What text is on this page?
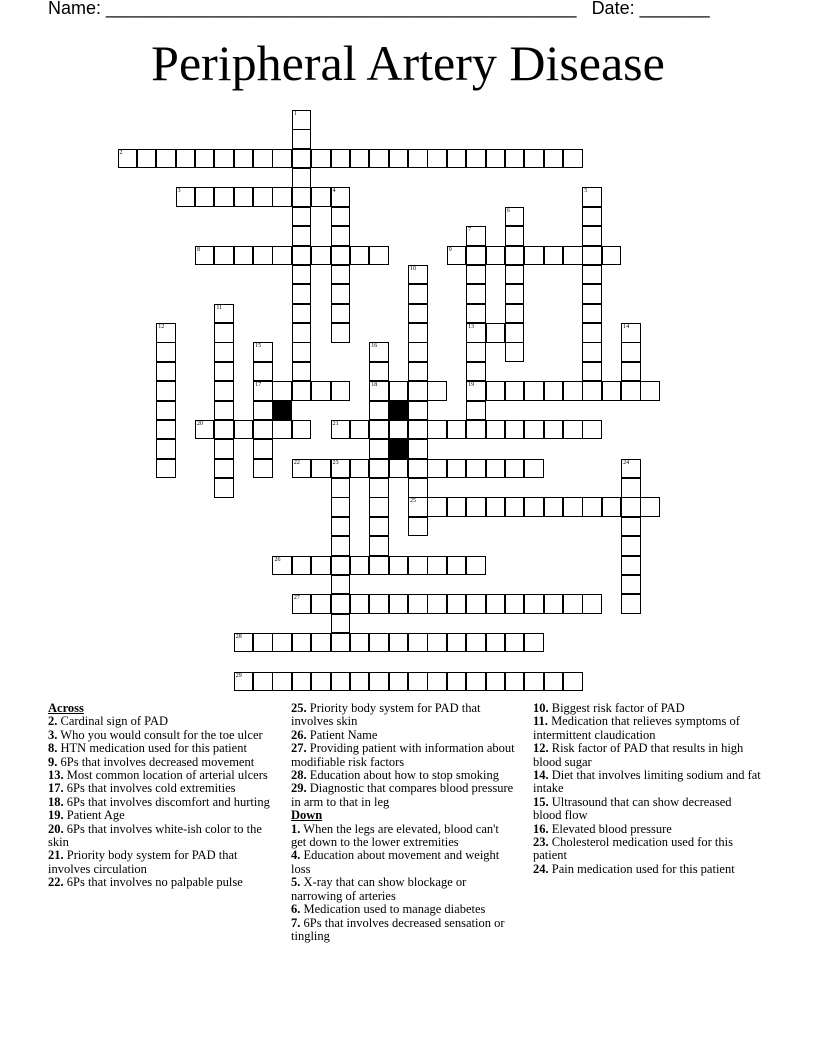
Name: _______________________________________________ Date: _______
Peripheral Artery Disease
1
2
3	4	5
6
7
13
19
8	9
10
25
11
12	14
15
17
16
18
20	21
22	23	24
26
27
28
29
Across
2. Cardinal sign of PAD
3. Who you would consult for the toe ulcer
8. HTN medication used for this patient
9. 6Ps that involves decreased movement
13. Most common location of arterial ulcers
17. 6Ps that involves cold extremities
18. 6Ps that involves discomfort and hurting
19. Patient Age
20. 6Ps that involves white-ish color to the skin
21. Priority body system for PAD that involves circulation
22. 6Ps that involves no palpable pulse
25. Priority body system for PAD that involves skin
26. Patient Name
27. Providing patient with information about modifiable risk factors
28. Education about how to stop smoking
29. Diagnostic that compares blood pressure in arm to that in leg
Down
1. When the legs are elevated, blood can't get down to the lower extremities
4. Education about movement and weight loss
5. X-ray that can show blockage or narrowing of arteries
6. Medication used to manage diabetes
7. 6Ps that involves decreased sensation or tingling
10. Biggest risk factor of PAD
11. Medication that relieves symptoms of intermittent claudication
12. Risk factor of PAD that results in high blood sugar
14. Diet that involves limiting sodium and fat intake
15. Ultrasound that can show decreased blood flow
16. Elevated blood pressure
23. Cholesterol medication used for this patient
24. Pain medication used for this patient
